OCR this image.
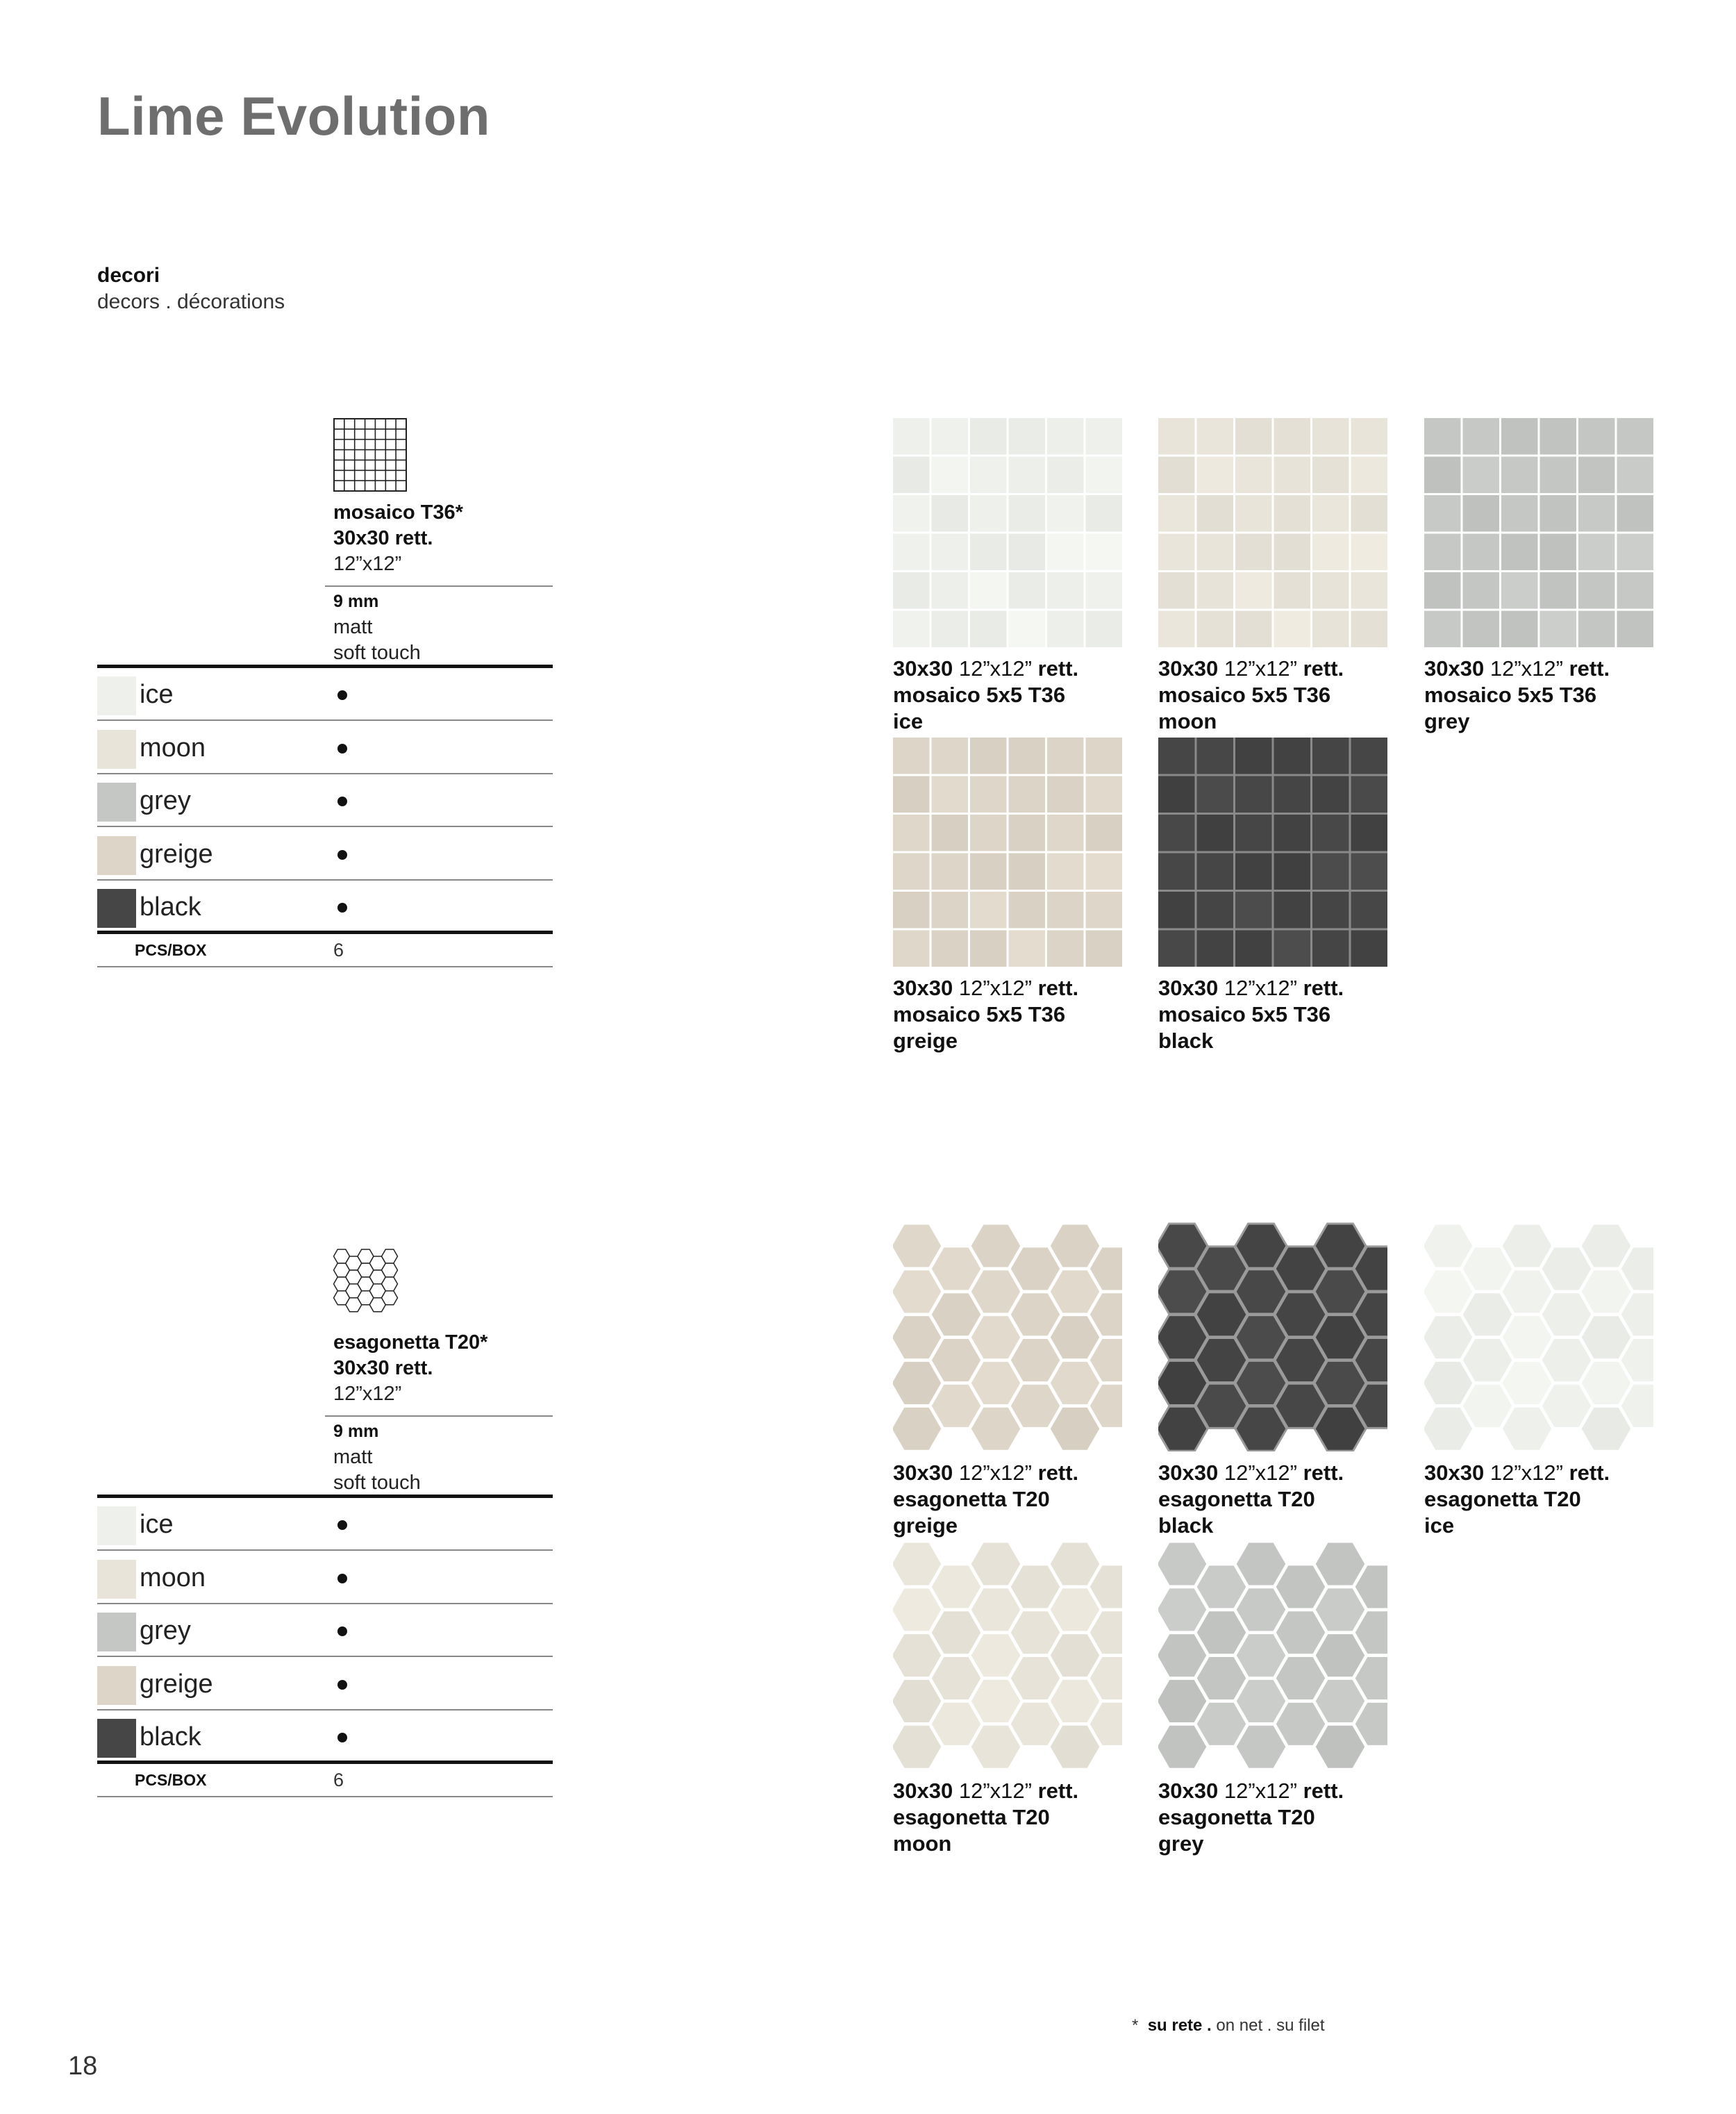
Lime Evolution
decori
decors . décorations
mosaico T36*
30x30 rett.
12”x12”
9 mm
matt
soft touch
ice
moon
grey
greige
black
PCS/BOX	6
esagonetta T20*
30x30 rett.
12”x12”
9 mm
matt
soft touch
ice
moon
grey
greige
black
PCS/BOX	6
30x30 12”x12” rett.
mosaico 5x5 T36
ice
30x30 12”x12” rett.
mosaico 5x5 T36
moon
30x30 12”x12” rett.
mosaico 5x5 T36
grey
30x30 12”x12” rett.
mosaico 5x5 T36
greige
30x30 12”x12” rett.
mosaico 5x5 T36
black
30x30 12”x12” rett.
esagonetta T20
greige
30x30 12”x12” rett.
esagonetta T20
black
30x30 12”x12” rett.
esagonetta T20
ice
30x30 12”x12” rett.
esagonetta T20
moon
30x30 12”x12” rett.
esagonetta T20
grey
* su rete . on net . su filet
18
